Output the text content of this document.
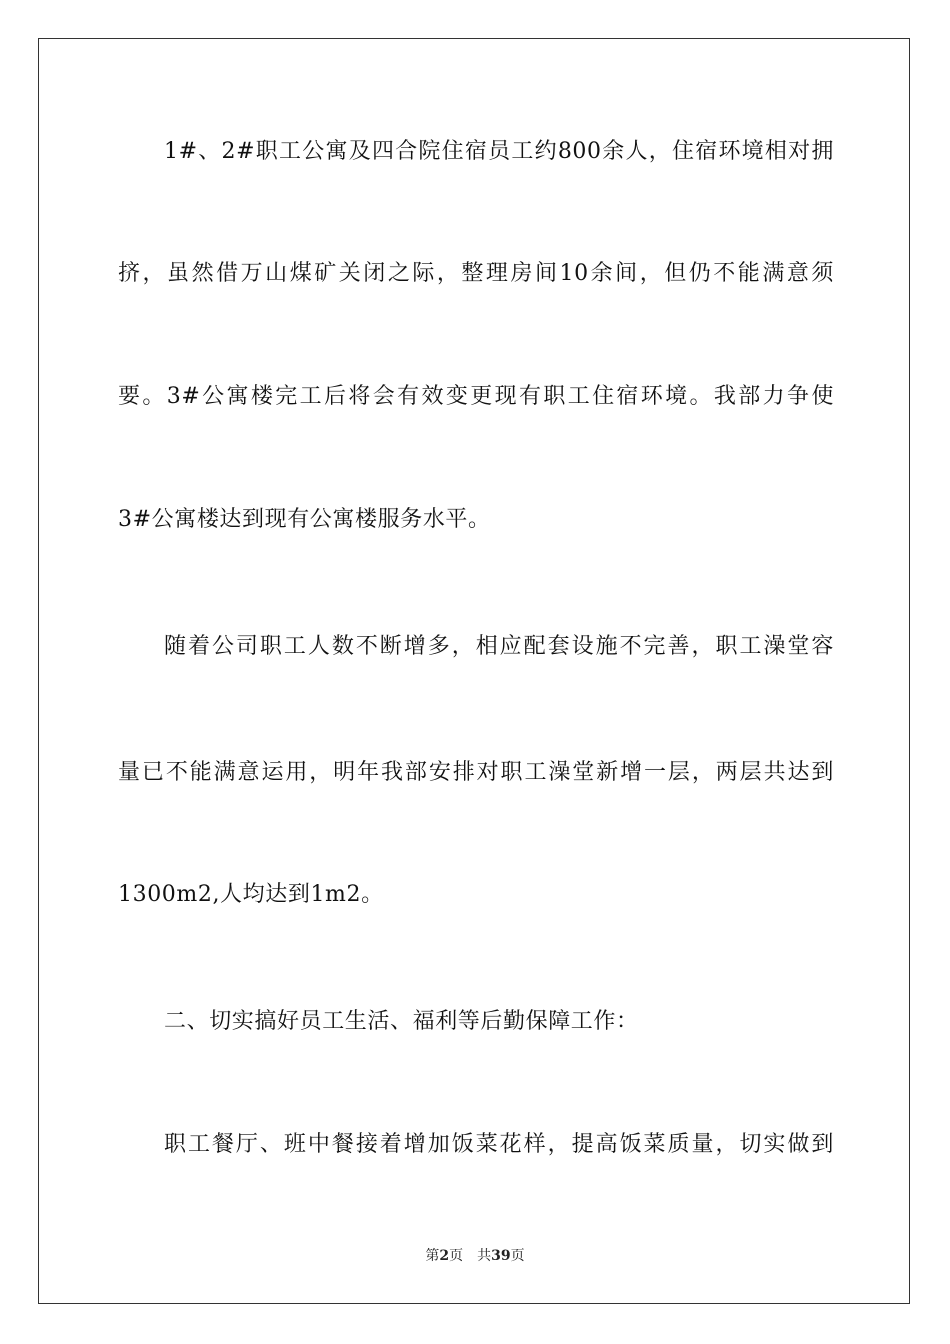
1#、2#职工公寓及四合院住宿员工约800余人，住宿环境相对拥
挤，虽然借万山煤矿关闭之际，整理房间10余间，但仍不能满意须
要。3#公寓楼完工后将会有效变更现有职工住宿环境。我部力争使
3#公寓楼达到现有公寓楼服务水平。
随着公司职工人数不断增多，相应配套设施不完善，职工澡堂容
量已不能满意运用，明年我部安排对职工澡堂新增一层，两层共达到
1300m2,人均达到1m2。
二、切实搞好员工生活、福利等后勤保障工作：
职工餐厅、班中餐接着增加饭菜花样，提高饭菜质量，切实做到
第2页 共39页
